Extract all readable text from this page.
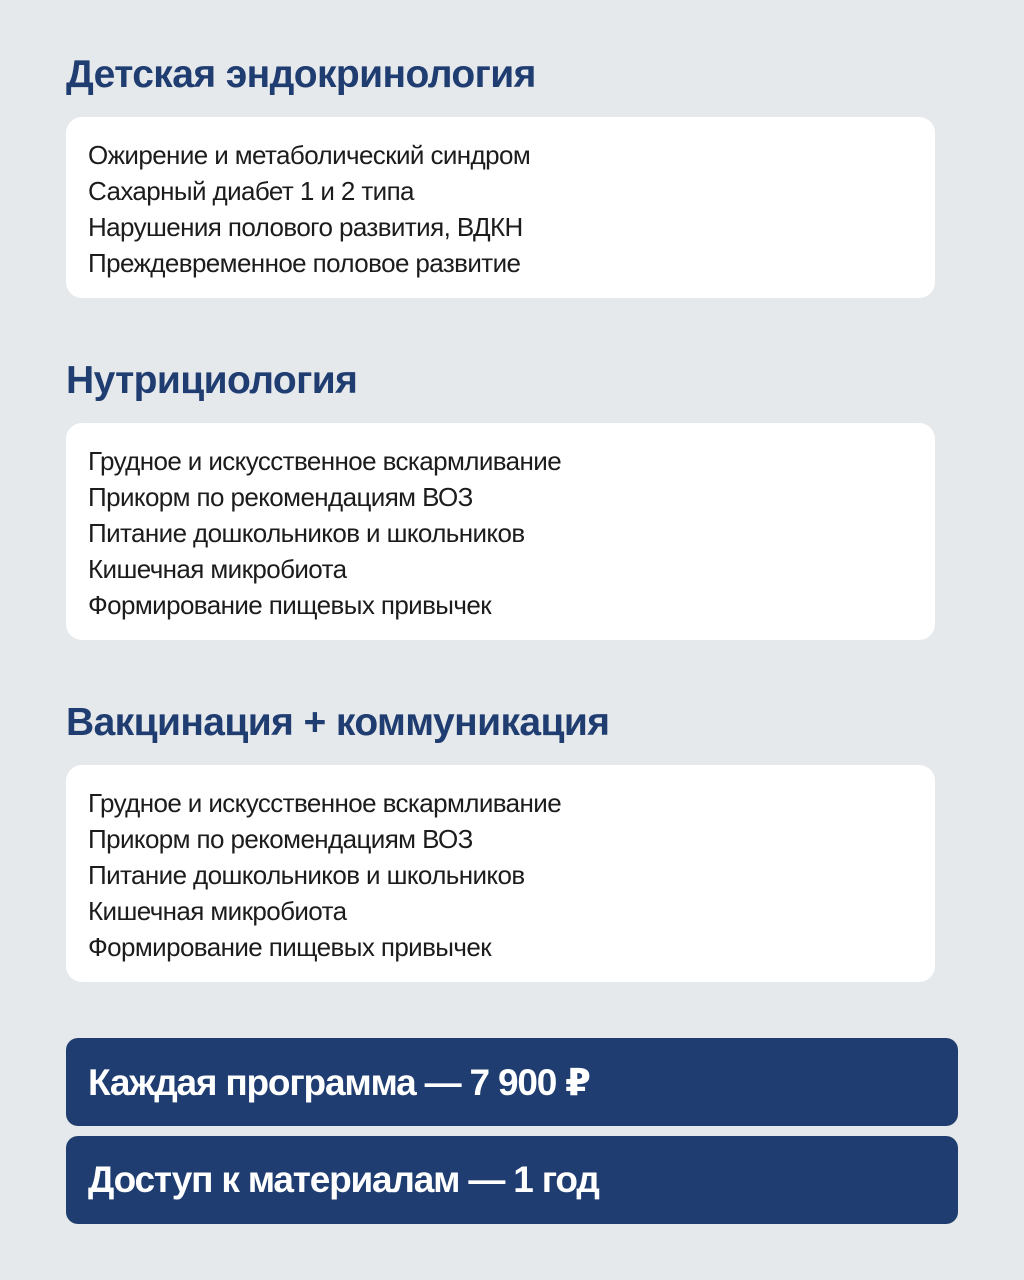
Детская эндокринология
Ожирение и метаболический синдром
Сахарный диабет 1 и 2 типа
Нарушения полового развития, ВДКН
Преждевременное половое развитие
Нутрициология
Грудное и искусственное вскармливание
Прикорм по рекомендациям ВОЗ
Питание дошкольников и школьников
Кишечная микробиота
Формирование пищевых привычек
Вакцинация + коммуникация
Грудное и искусственное вскармливание
Прикорм по рекомендациям ВОЗ
Питание дошкольников и школьников
Кишечная микробиота
Формирование пищевых привычек
Каждая программа — 7 900 ₽
Доступ к материалам — 1 год
